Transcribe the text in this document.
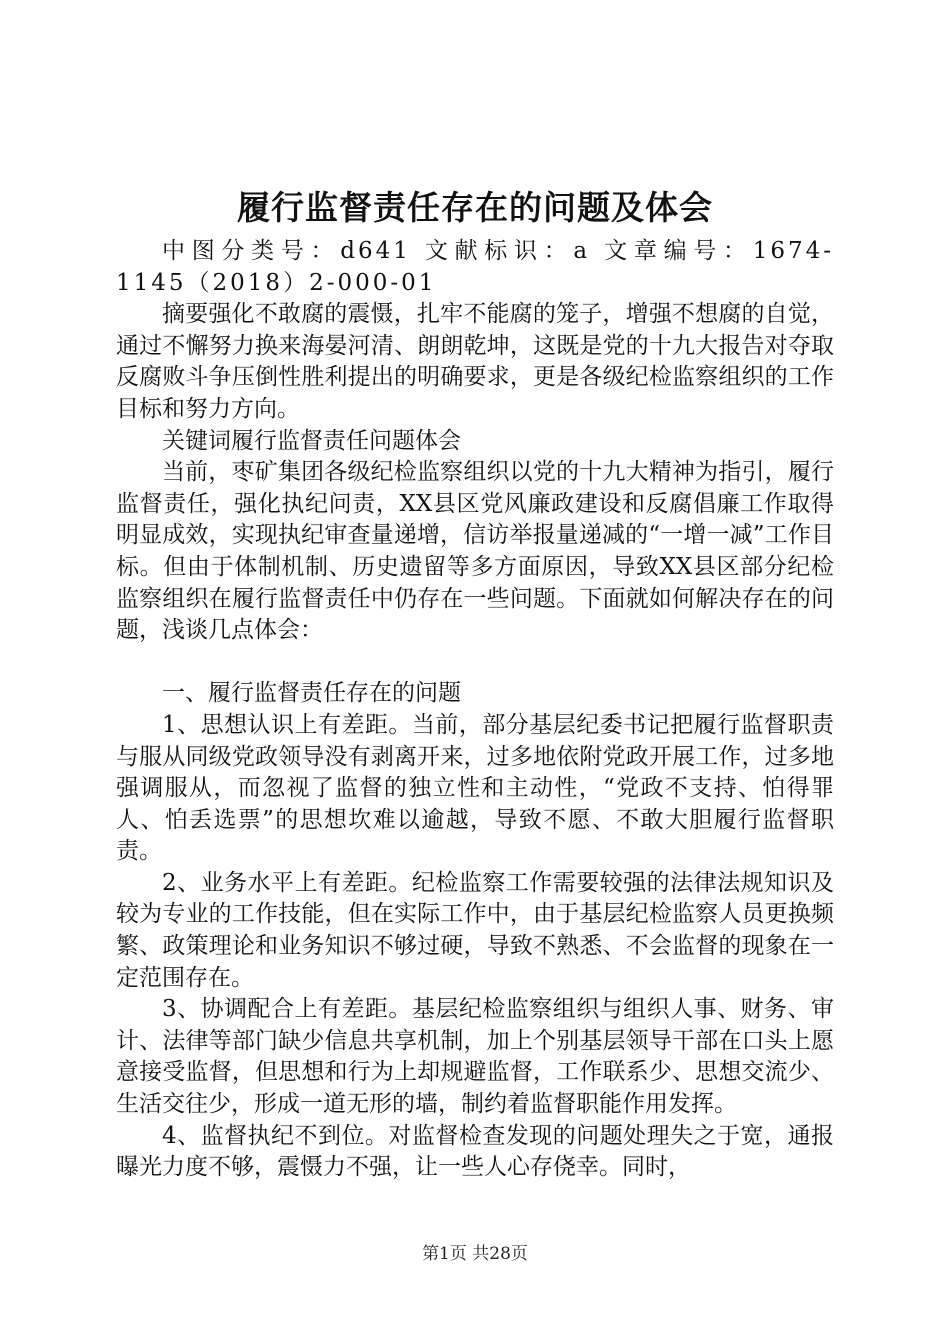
履行监督责任存在的问题及体会

中图分类号：d641 文献标识：a 文章编号：1674-1145（2018）2-000-01

摘要强化不敢腐的震慑，扎牢不能腐的笼子，增强不想腐的自觉，通过不懈努力换来海晏河清、朗朗乾坤，这既是党的十九大报告对夺取反腐败斗争压倒性胜利提出的明确要求，更是各级纪检监察组织的工作目标和努力方向。

关键词履行监督责任问题体会

当前，枣矿集团各级纪检监察组织以党的十九大精神为指引，履行监督责任，强化执纪问责，XX县区党风廉政建设和反腐倡廉工作取得明显成效，实现执纪审查量递增，信访举报量递减的“一增一减”工作目标。但由于体制机制、历史遗留等多方面原因，导致XX县区部分纪检监察组织在履行监督责任中仍存在一些问题。下面就如何解决存在的问题，浅谈几点体会：

一、履行监督责任存在的问题

1、思想认识上有差距。当前，部分基层纪委书记把履行监督职责与服从同级党政领导没有剥离开来，过多地依附党政开展工作，过多地强调服从，而忽视了监督的独立性和主动性，“党政不支持、怕得罪人、怕丢选票”的思想坎难以逾越，导致不愿、不敢大胆履行监督职责。

2、业务水平上有差距。纪检监察工作需要较强的法律法规知识及较为专业的工作技能，但在实际工作中，由于基层纪检监察人员更换频繁、政策理论和业务知识不够过硬，导致不熟悉、不会监督的现象在一定范围存在。

3、协调配合上有差距。基层纪检监察组织与组织人事、财务、审计、法律等部门缺少信息共享机制，加上个别基层领导干部在口头上愿意接受监督，但思想和行为上却规避监督，工作联系少、思想交流少、生活交往少，形成一道无形的墙，制约着监督职能作用发挥。

4、监督执纪不到位。对监督检查发现的问题处理失之于宽，通报曝光力度不够，震慑力不强，让一些人心存侥幸。同时，

第1页 共28页
